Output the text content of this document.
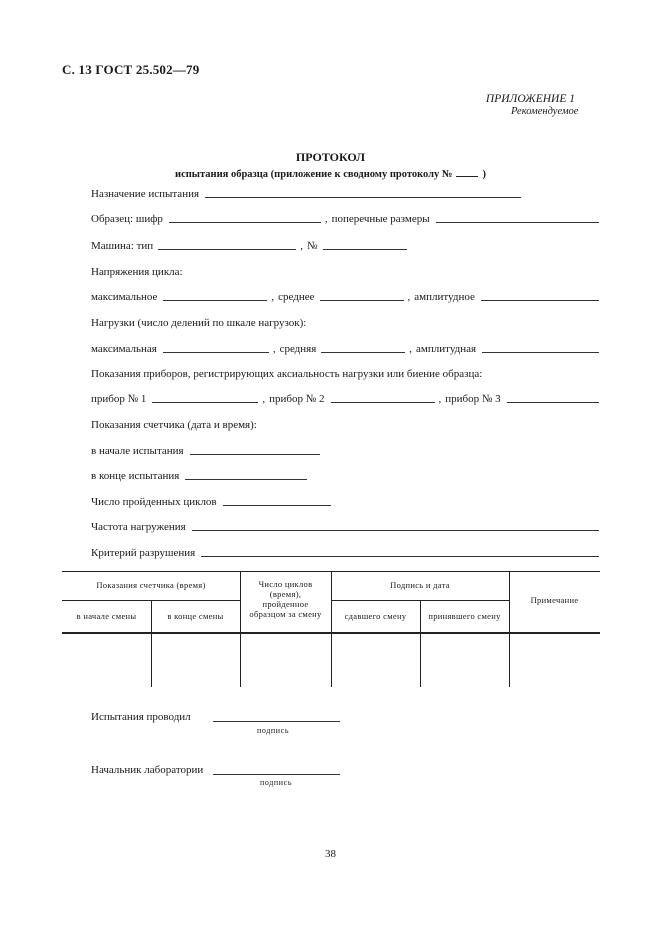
С. 13 ГОСТ 25.502—79
ПРИЛОЖЕНИЕ 1
Рекомендуемое
ПРОТОКОЛ
испытания образца (приложение к сводному протоколу №	)
Назначение испытания
Образец: шифр	, поперечные размеры
Машина: тип	, №
Напряжения цикла:
максимальное	, среднее	, амплитудное
Нагрузки (число делений по шкале нагрузок):
максимальная	, средняя	, амплитудная
Показания приборов, регистрирующих аксиальность нагрузки или биение образца:
прибор № 1	, прибор № 2	, прибор № 3
Показания счетчика (дата и время):
в начале испытания
в конце испытания
Число пройденных циклов
Частота нагружения
Критерий разрушения
Показания счетчика (время)
в начале смены	в конце смены
Число циклов
(время),
пройденное
образцом за смену
Подпись и дата
сдавшего смену	принявшего смену
Примечание
Испытания проводил
подпись
Начальник лаборатории
подпись
38
